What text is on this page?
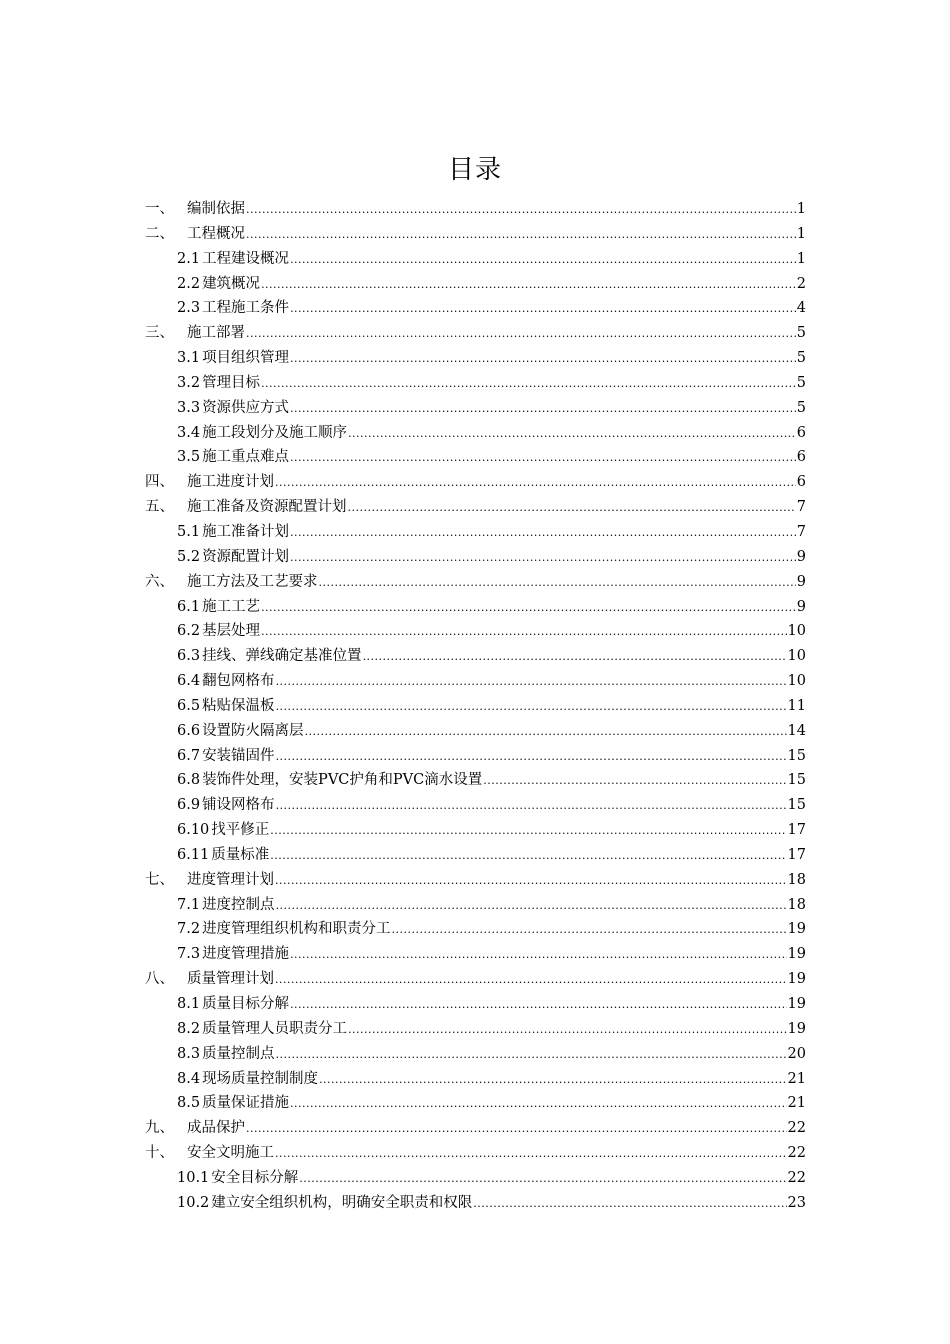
目录
一、 编制依据 .....	1
二、 工程概况 .....	1
2.1 工程建设概况 .....	1
2.2 建筑概况 .....	2
2.3 工程施工条件 .....	4
三、 施工部署 .....	5
3.1 项目组织管理 .....	5
3.2 管理目标 .....	5
3.3 资源供应方式 .....	5
3.4 施工段划分及施工顺序 .....	6
3.5 施工重点难点 .....	6
四、 施工进度计划 .....	6
五、 施工准备及资源配置计划 .....	7
5.1 施工准备计划 .....	7
5.2 资源配置计划 .....	9
六、 施工方法及工艺要求 .....	9
6.1 施工工艺 .....	9
6.2 基层处理 .....	10
6.3 挂线、弹线确定基准位置 .....	10
6.4 翻包网格布 .....	10
6.5 粘贴保温板 .....	11
6.6 设置防火隔离层 .....	14
6.7 安装锚固件 .....	15
6.8 装饰件处理，安装PVC护角和PVC滴水设置 .....	15
6.9 铺设网格布 .....	15
6.10 找平修正 .....	17
6.11 质量标准 .....	17
七、 进度管理计划 .....	18
7.1 进度控制点 .....	18
7.2 进度管理组织机构和职责分工 .....	19
7.3 进度管理措施 .....	19
八、 质量管理计划 .....	19
8.1 质量目标分解 .....	19
8.2 质量管理人员职责分工 .....	19
8.3 质量控制点 .....	20
8.4 现场质量控制制度 .....	21
8.5 质量保证措施 .....	21
九、 成品保护 .....	22
十、 安全文明施工 .....	22
10.1 安全目标分解 .....	22
10.2 建立安全组织机构，明确安全职责和权限 .....	23
